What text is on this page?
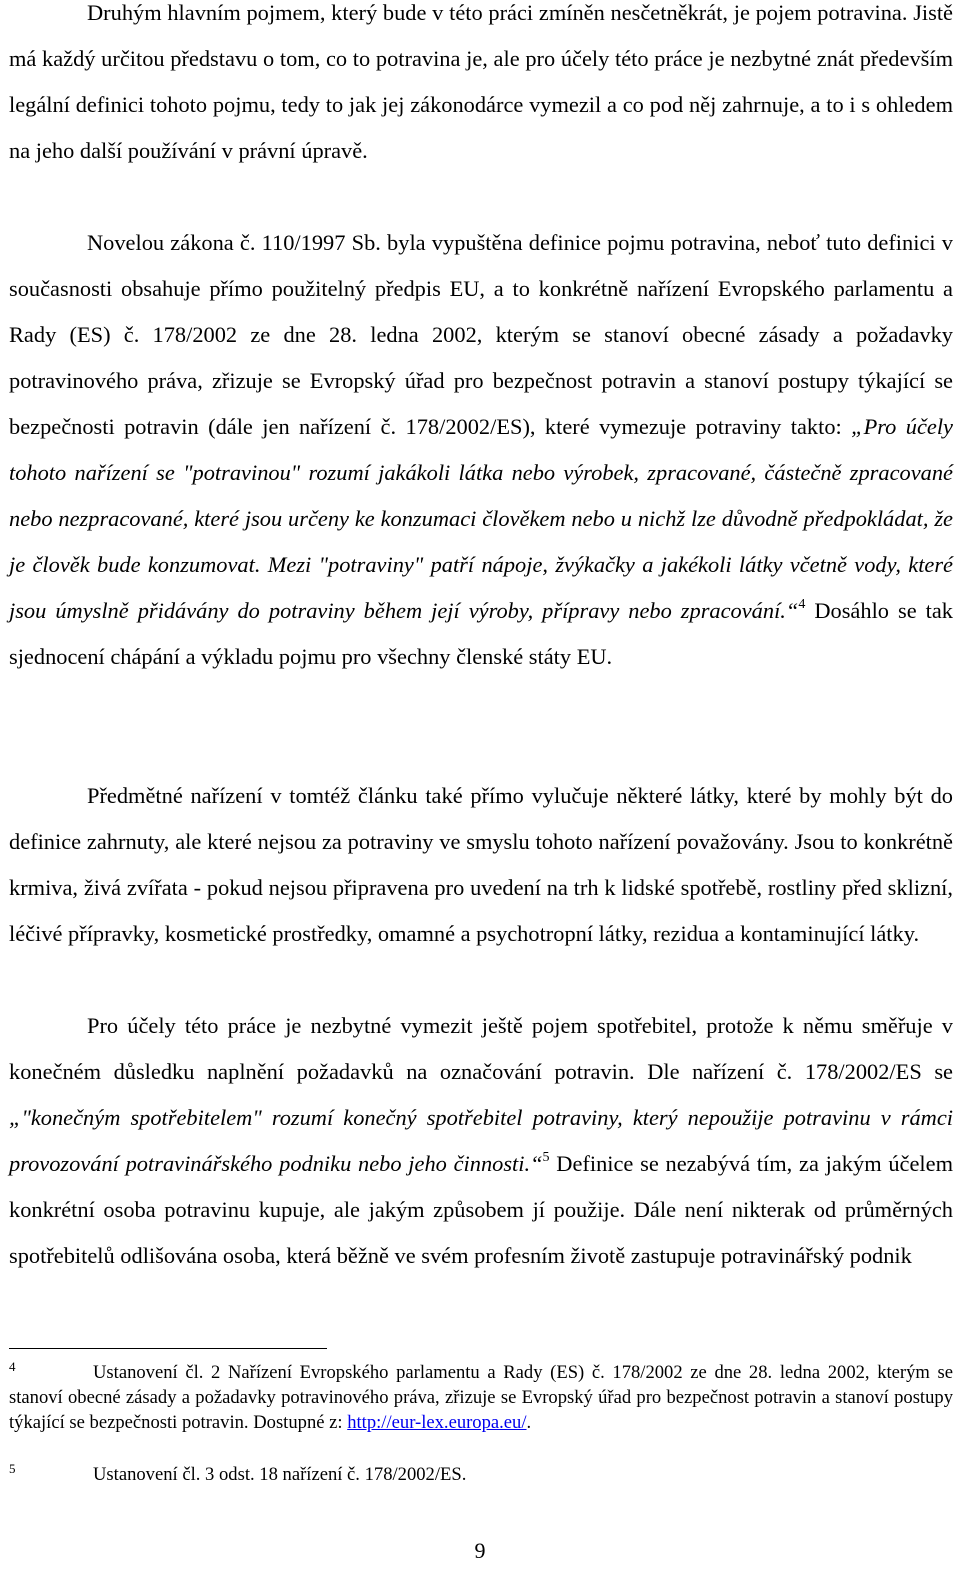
Druhým hlavním pojmem, který bude v této práci zmíněn nesčetněkrát, je pojem potravina. Jistě má každý určitou představu o tom, co to potravina je, ale pro účely této práce je nezbytné znát především legální definici tohoto pojmu, tedy to jak jej zákonodárce vymezil a co pod něj zahrnuje, a to i s ohledem na jeho další používání v právní úpravě.

Novelou zákona č. 110/1997 Sb. byla vypuštěna definice pojmu potravina, neboť tuto definici v současnosti obsahuje přímo použitelný předpis EU, a to konkrétně nařízení Evropského parlamentu a Rady (ES) č. 178/2002 ze dne 28. ledna 2002, kterým se stanoví obecné zásady a požadavky potravinového práva, zřizuje se Evropský úřad pro bezpečnost potravin a stanoví postupy týkající se bezpečnosti potravin (dále jen nařízení č. 178/2002/ES), které vymezuje potraviny takto: „Pro účely tohoto nařízení se "potravinou" rozumí jakákoli látka nebo výrobek, zpracované, částečně zpracované nebo nezpracované, které jsou určeny ke konzumaci člověkem nebo u nichž lze důvodně předpokládat, že je člověk bude konzumovat. Mezi "potraviny" patří nápoje, žvýkačky a jakékoli látky včetně vody, které jsou úmyslně přidávány do potraviny během její výroby, přípravy nebo zpracování.“$^4$ Dosáhlo se tak sjednocení chápání a výkladu pojmu pro všechny členské státy EU.

Předmětné nařízení v tomtéž článku také přímo vylučuje některé látky, které by mohly být do definice zahrnuty, ale které nejsou za potraviny ve smyslu tohoto nařízení považovány. Jsou to konkrétně krmiva, živá zvířata - pokud nejsou připravena pro uvedení na trh k lidské spotřebě, rostliny před sklizní, léčivé přípravky, kosmetické prostředky, omamné a psychotropní látky, rezidua a kontaminující látky.

Pro účely této práce je nezbytné vymezit ještě pojem spotřebitel, protože k němu směřuje v konečném důsledku naplnění požadavků na označování potravin. Dle nařízení č. 178/2002/ES se „"konečným spotřebitelem" rozumí konečný spotřebitel potraviny, který nepoužije potravinu v rámci provozování potravinářského podniku nebo jeho činnosti.“$^5$ Definice se nezabývá tím, za jakým účelem konkrétní osoba potravinu kupuje, ale jakým způsobem jí použije. Dále není nikterak od průměrných spotřebitelů odlišována osoba, která běžně ve svém profesním životě zastupuje potravinářský podnik

4	Ustanovení čl. 2 Nařízení Evropského parlamentu a Rady (ES) č. 178/2002 ze dne 28. ledna 2002, kterým se stanoví obecné zásady a požadavky potravinového práva, zřizuje se Evropský úřad pro bezpečnost potravin a stanoví postupy týkající se bezpečnosti potravin. Dostupné z: http://eur-lex.europa.eu/.

5	Ustanovení čl. 3 odst. 18 nařízení č. 178/2002/ES.

9
